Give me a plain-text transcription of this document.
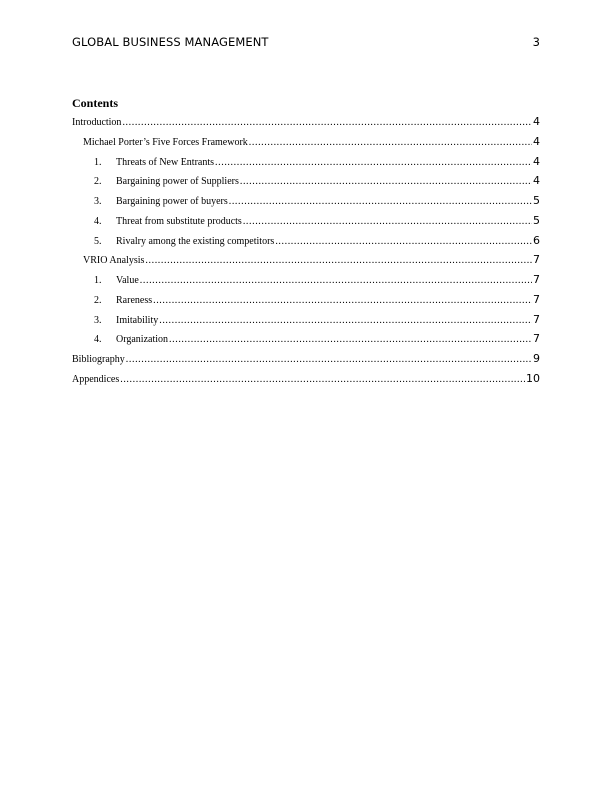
GLOBAL BUSINESS MANAGEMENT	3
Contents
Introduction .....	4
Michael Porter’s Five Forces Framework .....	4
1.	Threats of New Entrants .....	4
2.	Bargaining power of Suppliers .....	4
3.	Bargaining power of buyers .....	5
4.	Threat from substitute products .....	5
5.	Rivalry among the existing competitors .....	6
VRIO Analysis .....	7
1.	Value .....	7
2.	Rareness .....	7
3.	Imitability .....	7
4.	Organization .....	7
Bibliography .....	9
Appendices .....	10
